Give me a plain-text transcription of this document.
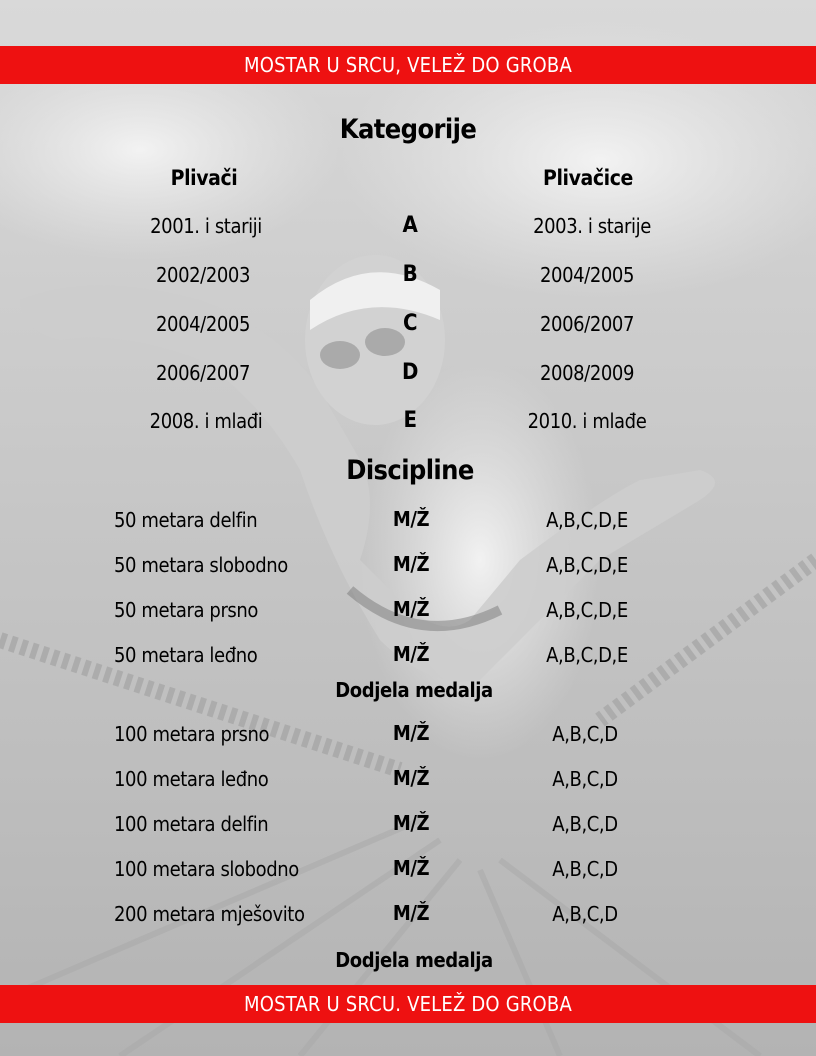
MOSTAR U SRCU, VELEŽ DO GROBA
Kategorije
Plivači	Plivačice
2001. i stariji	A	2003. i starije
2002/2003	B	2004/2005
2004/2005	C	2006/2007
2006/2007	D	2008/2009
2008. i mlađi	E	2010. i mlađe
Discipline
50 metara delfin	M/Ž	A,B,C,D,E
50 metara slobodno	M/Ž	A,B,C,D,E
50 metara prsno	M/Ž	A,B,C,D,E
50 metara leđno	M/Ž	A,B,C,D,E
Dodjela medalja
100 metara prsno	M/Ž	A,B,C,D
100 metara leđno	M/Ž	A,B,C,D
100 metara delfin	M/Ž	A,B,C,D
100 metara slobodno	M/Ž	A,B,C,D
200 metara mješovito	M/Ž	A,B,C,D
Dodjela medalja
MOSTAR U SRCU. VELEŽ DO GROBA
